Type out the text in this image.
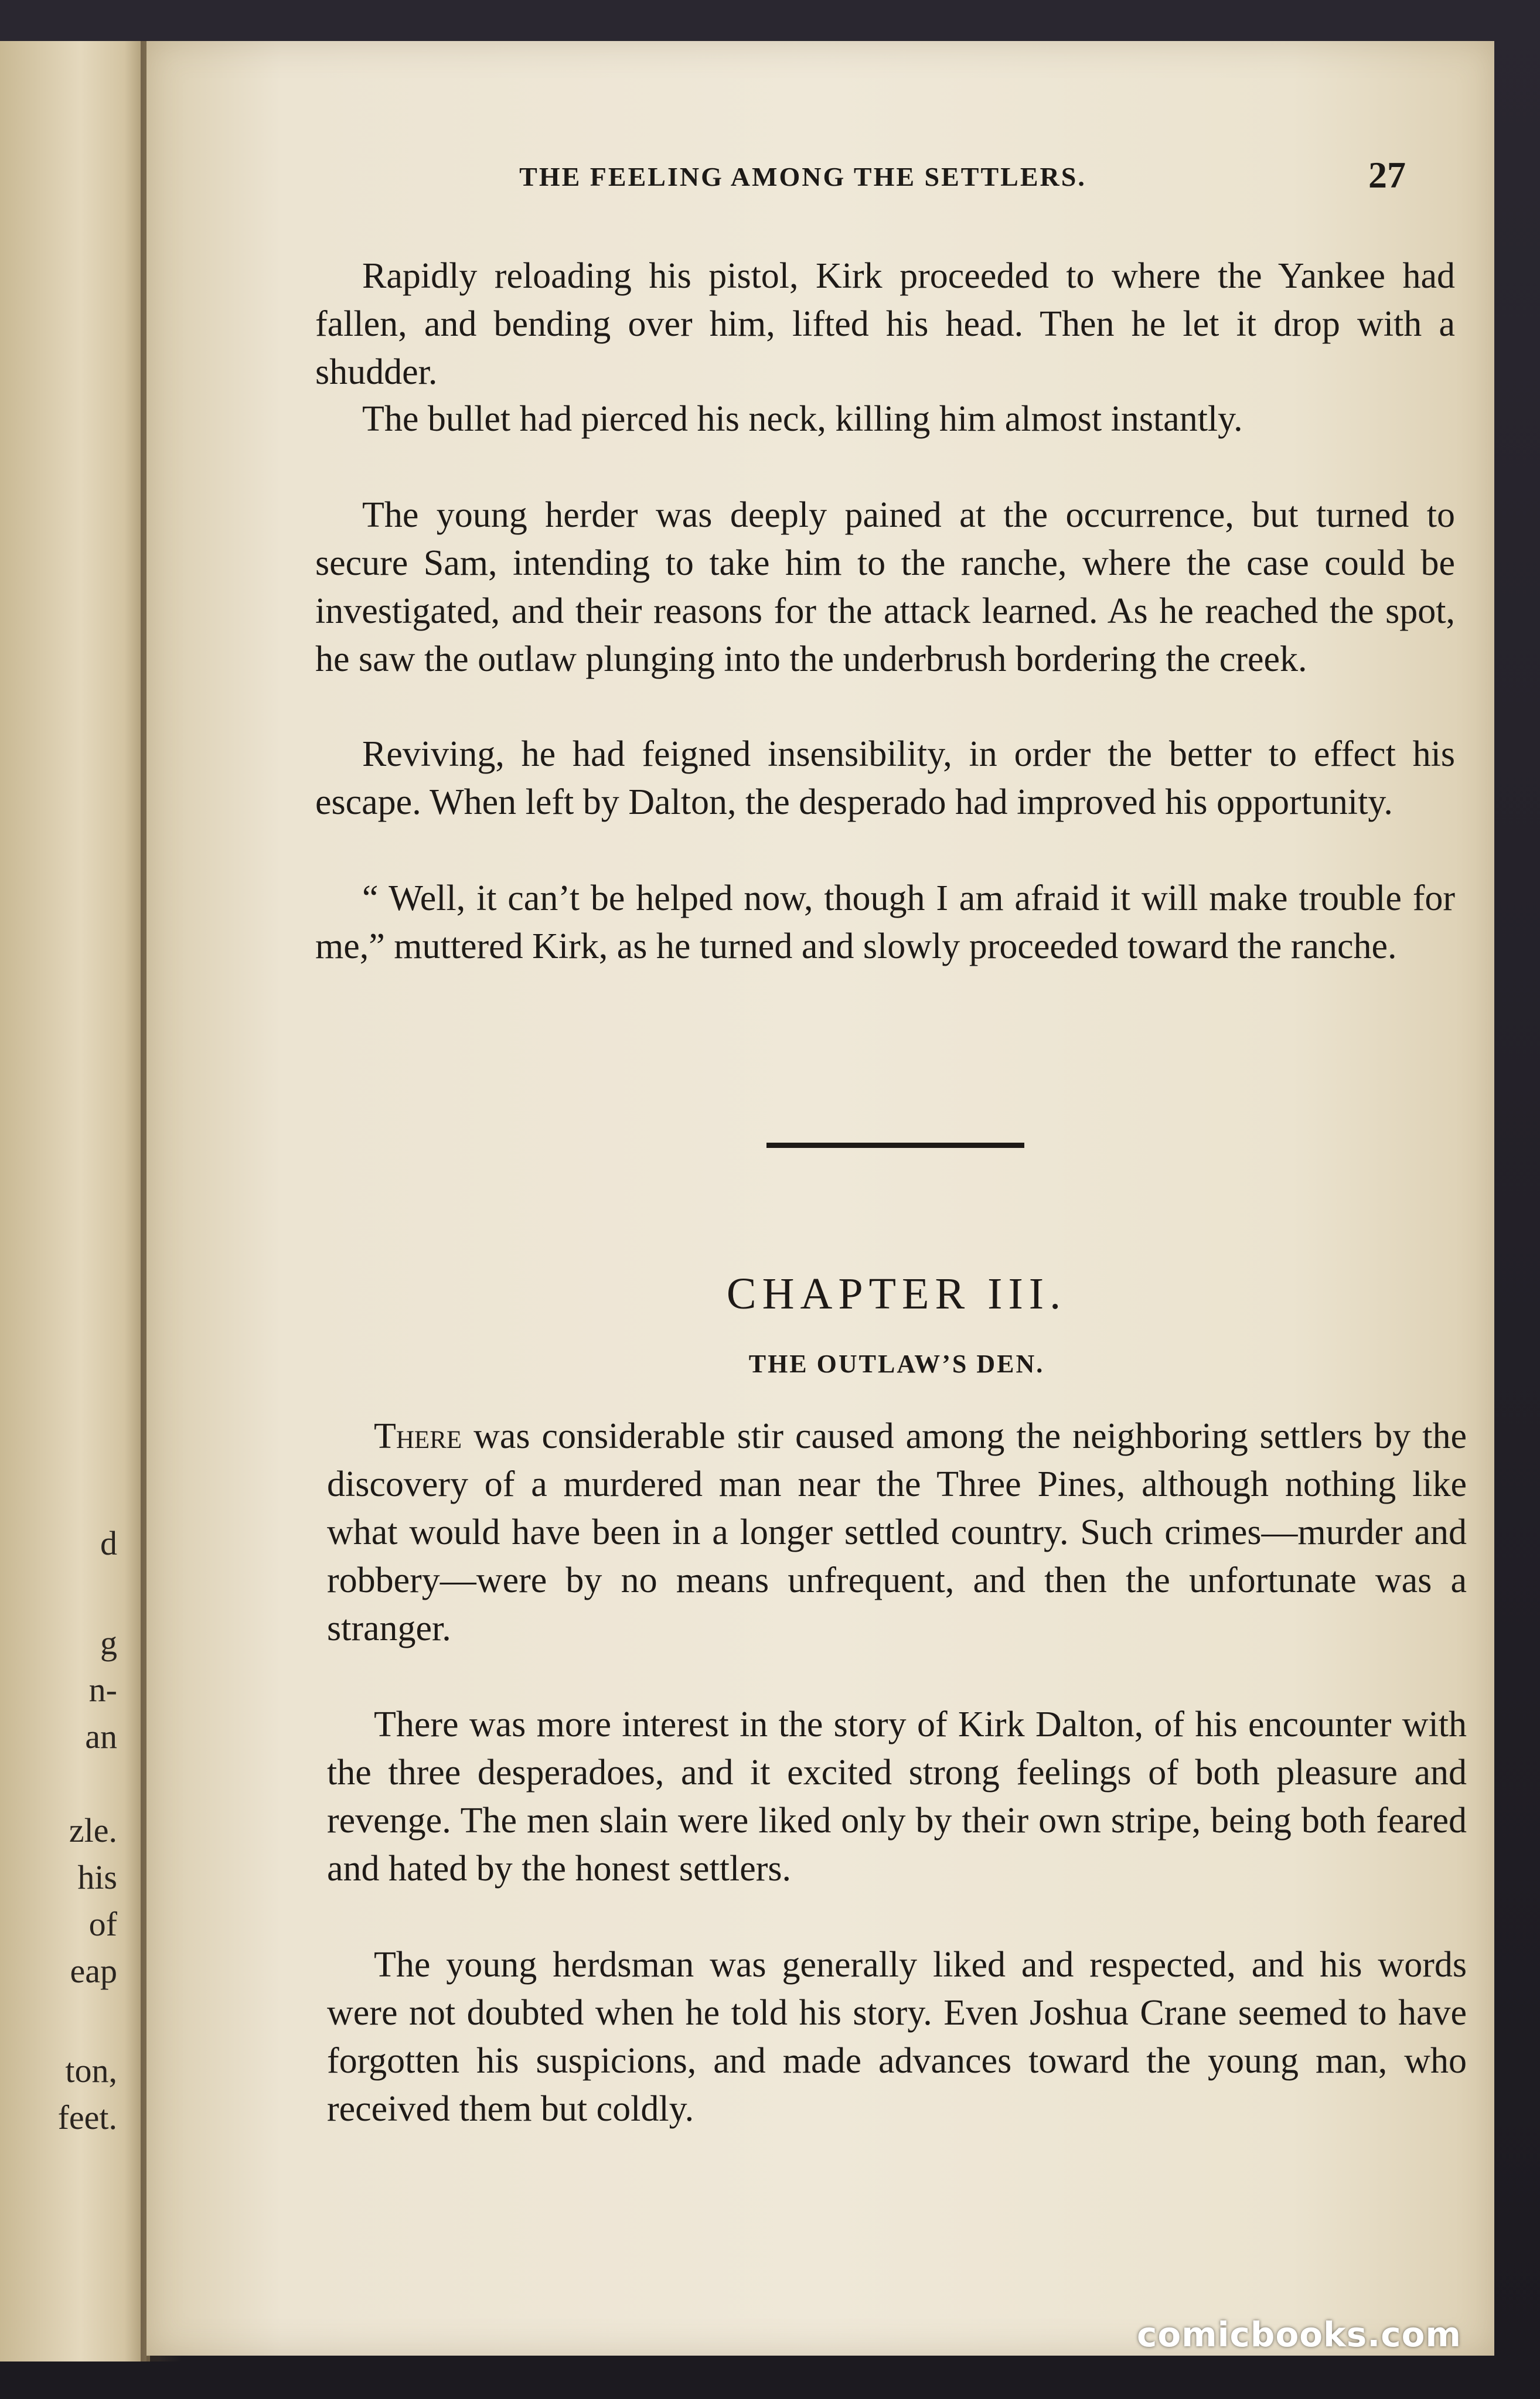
d
g
n-
an
zle.
his
of
eap
ton,
feet.
THE FEELING AMONG THE SETTLERS.	27

Rapidly reloading his pistol, Kirk proceeded to where the Yankee had fallen, and bending over him, lifted his head. Then he let it drop with a shudder.

The bullet had pierced his neck, killing him almost instantly.

The young herder was deeply pained at the occurrence, but turned to secure Sam, intending to take him to the ranche, where the case could be investigated, and their reasons for the attack learned. As he reached the spot, he saw the outlaw plunging into the underbrush bordering the creek.

Reviving, he had feigned insensibility, in order the better to effect his escape. When left by Dalton, the desperado had improved his opportunity.

“ Well, it can’t be helped now, though I am afraid it will make trouble for me,” muttered Kirk, as he turned and slowly proceeded toward the ranche.

CHAPTER III.
THE OUTLAW’S DEN.

There was considerable stir caused among the neighboring settlers by the discovery of a murdered man near the Three Pines, although nothing like what would have been in a longer settled country. Such crimes—murder and robbery—were by no means unfrequent, and then the unfortunate was a stranger.

There was more interest in the story of Kirk Dalton, of his encounter with the three desperadoes, and it excited strong feelings of both pleasure and revenge. The men slain were liked only by their own stripe, being both feared and hated by the honest settlers.

The young herdsman was generally liked and respected, and his words were not doubted when he told his story. Even Joshua Crane seemed to have forgotten his suspicions, and made advances toward the young man, who received them but coldly.

comicbooks.com
